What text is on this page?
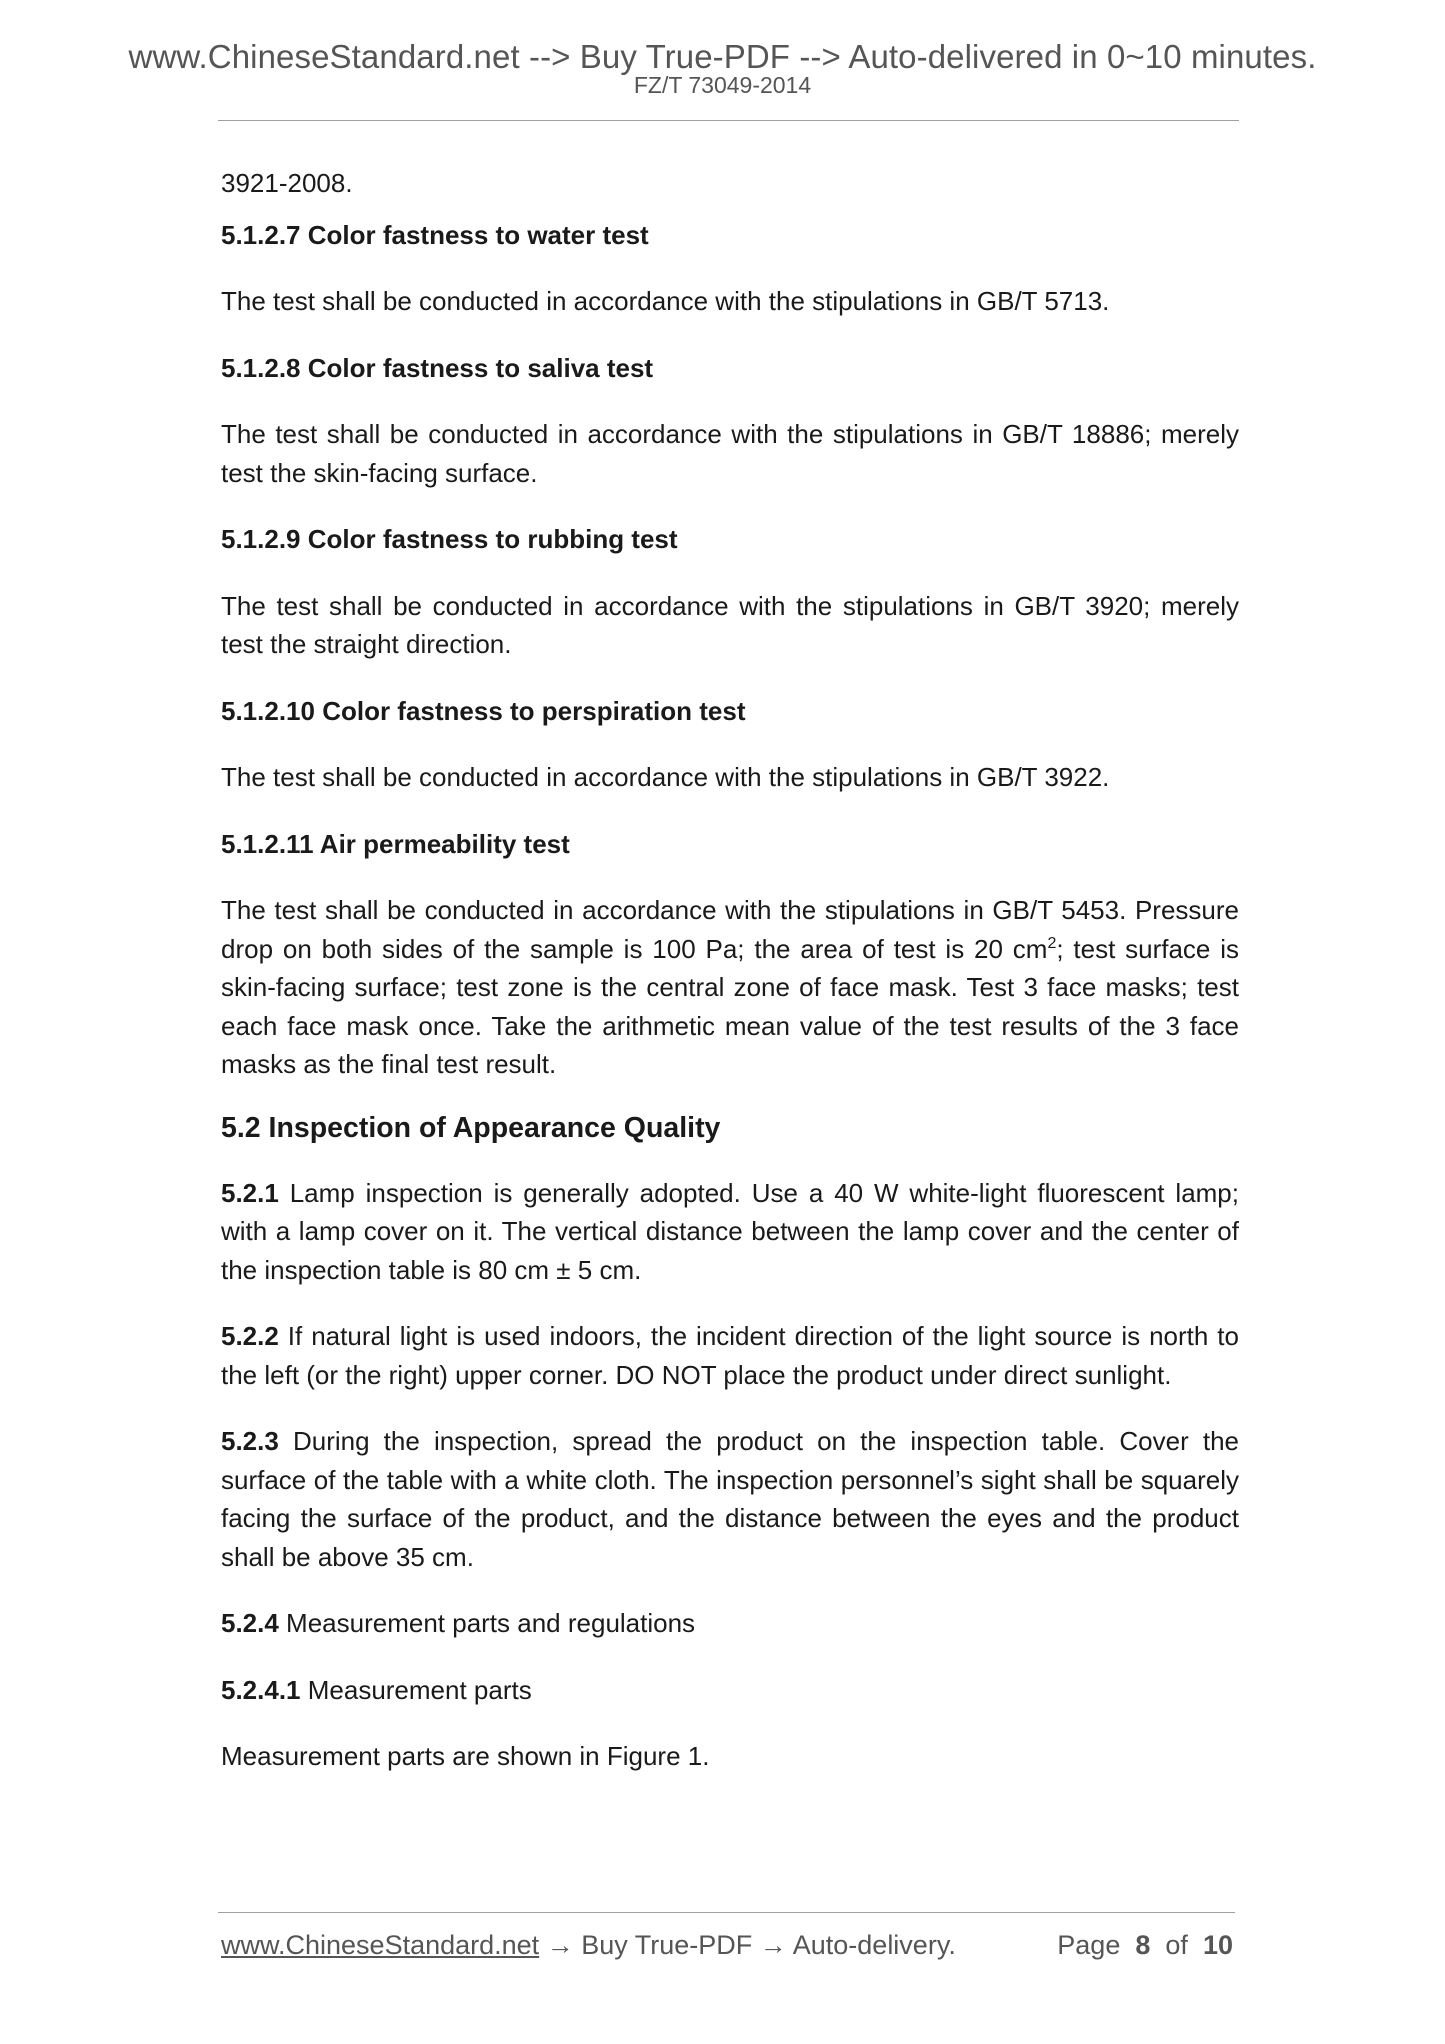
www.ChineseStandard.net --> Buy True-PDF --> Auto-delivered in 0~10 minutes.
FZ/T 73049-2014

3921-2008.

5.1.2.7 Color fastness to water test

The test shall be conducted in accordance with the stipulations in GB/T 5713.

5.1.2.8 Color fastness to saliva test

The test shall be conducted in accordance with the stipulations in GB/T 18886; merely test the skin-facing surface.

5.1.2.9 Color fastness to rubbing test

The test shall be conducted in accordance with the stipulations in GB/T 3920; merely test the straight direction.

5.1.2.10 Color fastness to perspiration test

The test shall be conducted in accordance with the stipulations in GB/T 3922.

5.1.2.11 Air permeability test

The test shall be conducted in accordance with the stipulations in GB/T 5453. Pressure drop on both sides of the sample is 100 Pa; the area of test is 20 $cm^2$; test surface is skin-facing surface; test zone is the central zone of face mask. Test 3 face masks; test each face mask once. Take the arithmetic mean value of the test results of the 3 face masks as the final test result.

5.2 Inspection of Appearance Quality

5.2.1 Lamp inspection is generally adopted. Use a 40 W white-light fluorescent lamp; with a lamp cover on it. The vertical distance between the lamp cover and the center of the inspection table is 80 cm ± 5 cm.

5.2.2 If natural light is used indoors, the incident direction of the light source is north to the left (or the right) upper corner. DO NOT place the product under direct sunlight.

5.2.3 During the inspection, spread the product on the inspection table. Cover the surface of the table with a white cloth. The inspection personnel’s sight shall be squarely facing the surface of the product, and the distance between the eyes and the product shall be above 35 cm.

5.2.4 Measurement parts and regulations

5.2.4.1 Measurement parts

Measurement parts are shown in Figure 1.

www.ChineseStandard.net → Buy True-PDF → Auto-delivery.	Page 8 of 10
